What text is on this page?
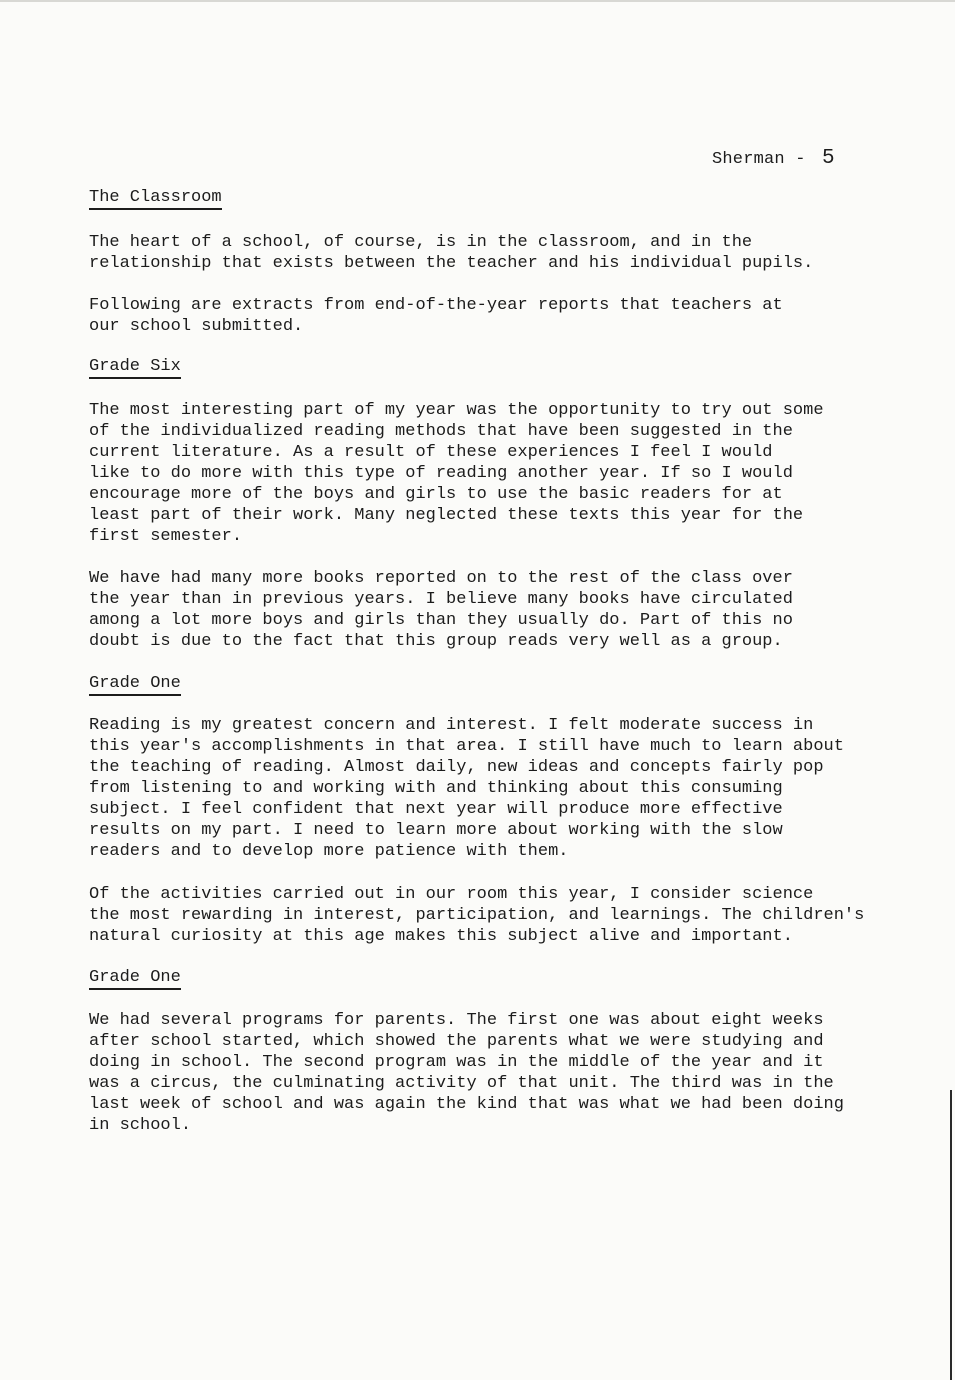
Sherman - 5
The Classroom

The heart of a school, of course, is in the classroom, and in the
relationship that exists between the teacher and his individual pupils.

Following are extracts from end-of-the-year reports that teachers at
our school submitted.

Grade Six

The most interesting part of my year was the opportunity to try out some
of the individualized reading methods that have been suggested in the
current literature. As a result of these experiences I feel I would
like to do more with this type of reading another year. If so I would
encourage more of the boys and girls to use the basic readers for at
least part of their work. Many neglected these texts this year for the
first semester.

We have had many more books reported on to the rest of the class over
the year than in previous years. I believe many books have circulated
among a lot more boys and girls than they usually do. Part of this no
doubt is due to the fact that this group reads very well as a group.

Grade One

Reading is my greatest concern and interest. I felt moderate success in
this year's accomplishments in that area. I still have much to learn about
the teaching of reading. Almost daily, new ideas and concepts fairly pop
from listening to and working with and thinking about this consuming
subject. I feel confident that next year will produce more effective
results on my part. I need to learn more about working with the slow
readers and to develop more patience with them.

Of the activities carried out in our room this year, I consider science
the most rewarding in interest, participation, and learnings. The children's
natural curiosity at this age makes this subject alive and important.

Grade One

We had several programs for parents. The first one was about eight weeks
after school started, which showed the parents what we were studying and
doing in school. The second program was in the middle of the year and it
was a circus, the culminating activity of that unit. The third was in the
last week of school and was again the kind that was what we had been doing
in school.
